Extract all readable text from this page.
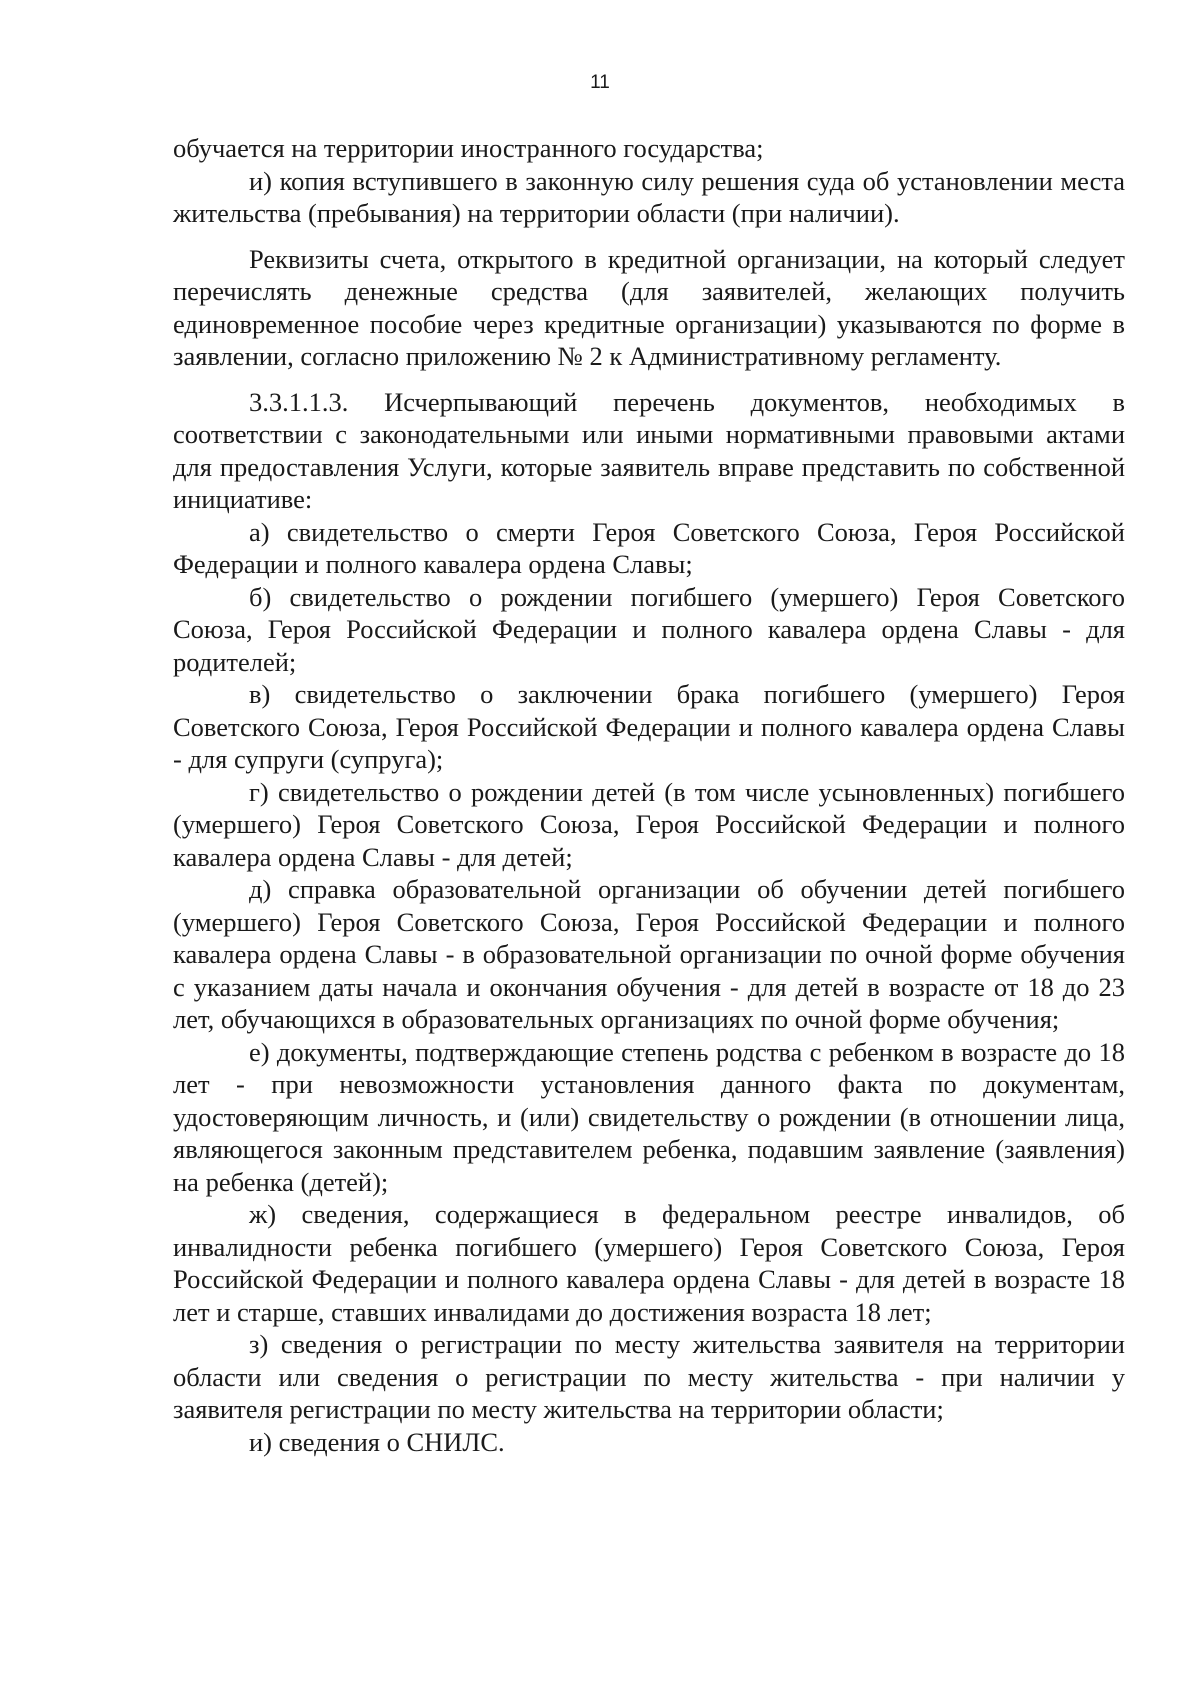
11

обучается на территории иностранного государства;

и) копия вступившего в законную силу решения суда об установлении места жительства (пребывания) на территории области (при наличии).

Реквизиты счета, открытого в кредитной организации, на который следует перечислять денежные средства (для заявителей, желающих получить единовременное пособие через кредитные организации) указываются по форме в заявлении, согласно приложению № 2 к Административному регламенту.

3.3.1.1.3. Исчерпывающий перечень документов, необходимых в соответствии с законодательными или иными нормативными правовыми актами для предоставления Услуги, которые заявитель вправе представить по собственной инициативе:

а) свидетельство о смерти Героя Советского Союза, Героя Российской Федерации и полного кавалера ордена Славы;

б) свидетельство о рождении погибшего (умершего) Героя Советского Союза, Героя Российской Федерации и полного кавалера ордена Славы - для родителей;

в) свидетельство о заключении брака погибшего (умершего) Героя Советского Союза, Героя Российской Федерации и полного кавалера ордена Славы - для супруги (супруга);

г) свидетельство о рождении детей (в том числе усыновленных) погибшего (умершего) Героя Советского Союза, Героя Российской Федерации и полного кавалера ордена Славы - для детей;

д) справка образовательной организации об обучении детей погибшего (умершего) Героя Советского Союза, Героя Российской Федерации и полного кавалера ордена Славы - в образовательной организации по очной форме обучения с указанием даты начала и окончания обучения - для детей в возрасте от 18 до 23 лет, обучающихся в образовательных организациях по очной форме обучения;

е) документы, подтверждающие степень родства с ребенком в возрасте до 18 лет - при невозможности установления данного факта по документам, удостоверяющим личность, и (или) свидетельству о рождении (в отношении лица, являющегося законным представителем ребенка, подавшим заявление (заявления) на ребенка (детей);

ж) сведения, содержащиеся в федеральном реестре инвалидов, об инвалидности ребенка погибшего (умершего) Героя Советского Союза, Героя Российской Федерации и полного кавалера ордена Славы - для детей в возрасте 18 лет и старше, ставших инвалидами до достижения возраста 18 лет;

з) сведения о регистрации по месту жительства заявителя на территории области или сведения о регистрации по месту жительства - при наличии у заявителя регистрации по месту жительства на территории области;

и) сведения о СНИЛС.
